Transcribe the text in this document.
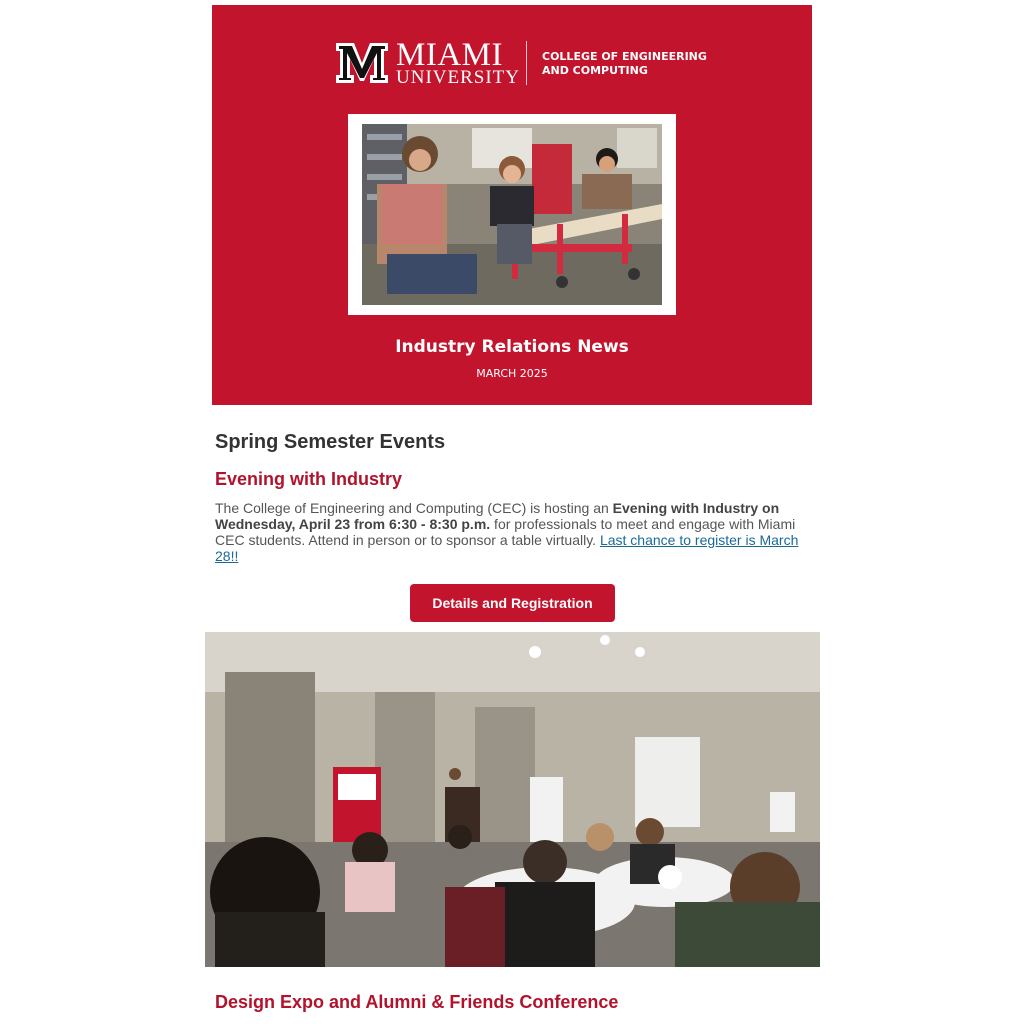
MIAMI
UNIVERSITY
COLLEGE OF ENGINEERING
AND COMPUTING
Industry Relations News
MARCH 2025
Spring Semester Events
Evening with Industry

The College of Engineering and Computing (CEC) is hosting an Evening with Industry on Wednesday, April 23 from 6:30 - 8:30 p.m. for professionals to meet and engage with Miami CEC students. Attend in person or to sponsor a table virtually. Last chance to register is March 28!!

Details and Registration
Design Expo and Alumni & Friends Conference
